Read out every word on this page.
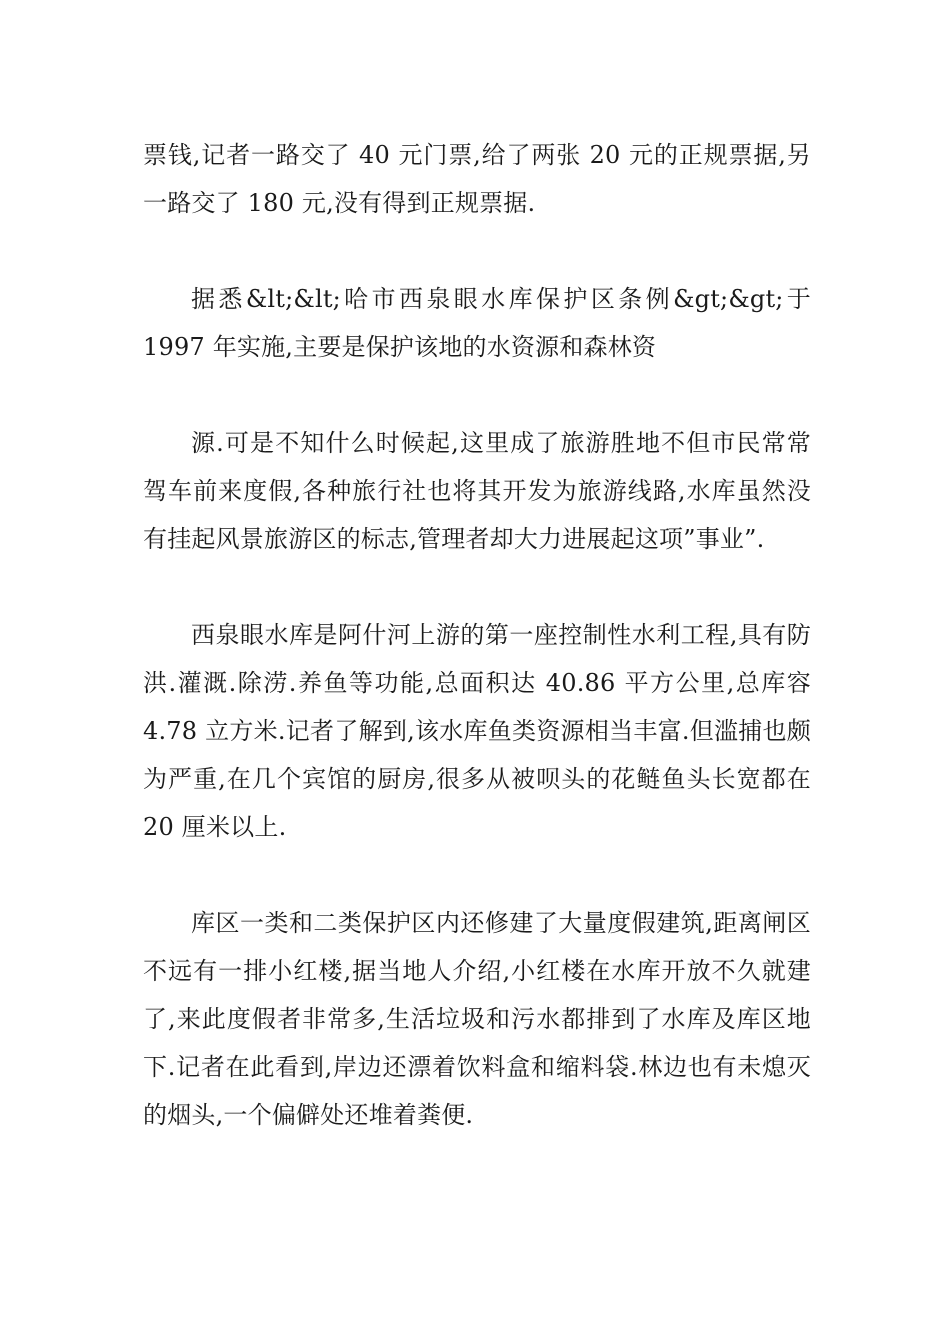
票钱,记者一路交了 40 元门票,给了两张 20 元的正规票据,另一路交了 180 元,没有得到正规票据.

据悉&lt;&lt;哈市西泉眼水库保护区条例&gt;&gt;于 1997 年实施,主要是保护该地的水资源和森林资

源.可是不知什么时候起,这里成了旅游胜地不但市民常常驾车前来度假,各种旅行社也将其开发为旅游线路,水库虽然没有挂起风景旅游区的标志,管理者却大力进展起这项”事业”.

西泉眼水库是阿什河上游的第一座控制性水利工程,具有防洪.灌溉.除涝.养鱼等功能,总面积达 40.86 平方公里,总库容 4.78 立方米.记者了解到,该水库鱼类资源相当丰富.但滥捕也颇为严重,在几个宾馆的厨房,很多从被呗头的花鲢鱼头长宽都在 20 厘米以上.

库区一类和二类保护区内还修建了大量度假建筑,距离闸区不远有一排小红楼,据当地人介绍,小红楼在水库开放不久就建了,来此度假者非常多,生活垃圾和污水都排到了水库及库区地下.记者在此看到,岸边还漂着饮料盒和缩料袋.林边也有未熄灭的烟头,一个偏僻处还堆着粪便.
